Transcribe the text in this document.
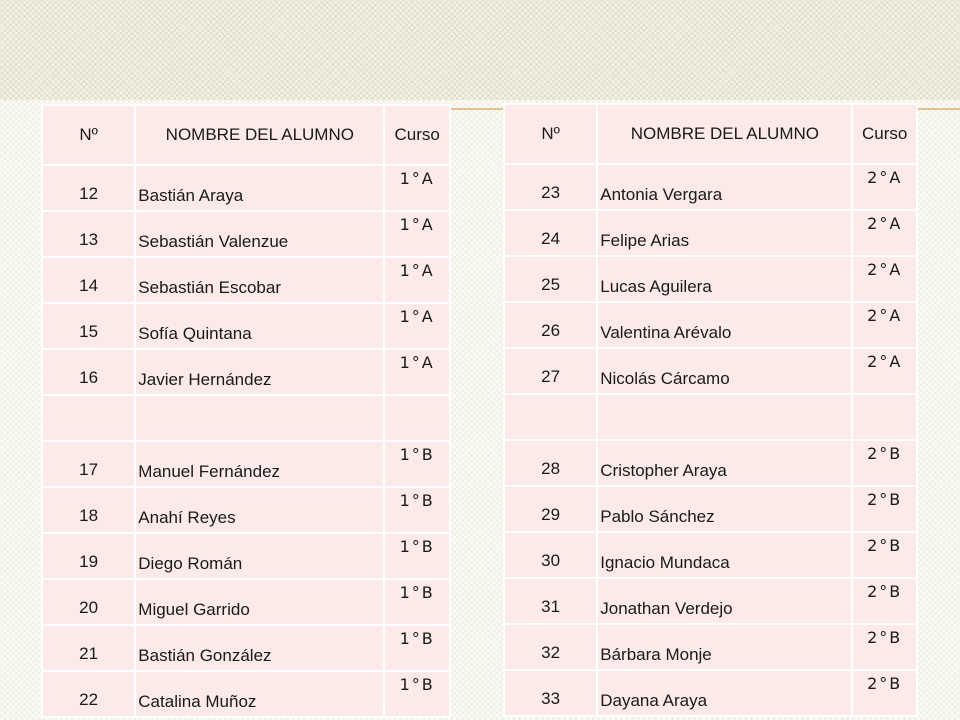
Nº	NOMBRE DEL ALUMNO	Curso
12	Bastián Araya	1°A
13	Sebastián Valenzue	1°A
14	Sebastián Escobar	1°A
15	Sofía Quintana	1°A
16	Javier Hernández	1°A

17	Manuel Fernández	1°B
18	Anahí Reyes	1°B
19	Diego Román	1°B
20	Miguel Garrido	1°B
21	Bastián González	1°B
22	Catalina Muñoz	1°B
Nº	NOMBRE DEL ALUMNO	Curso
23	Antonia Vergara	2°A
24	Felipe Arias	2°A
25	Lucas Aguilera	2°A
26	Valentina Arévalo	2°A
27	Nicolás Cárcamo	2°A

28	Cristopher Araya	2°B
29	Pablo Sánchez	2°B
30	Ignacio Mundaca	2°B
31	Jonathan Verdejo	2°B
32	Bárbara Monje	2°B
33	Dayana Araya	2°B
